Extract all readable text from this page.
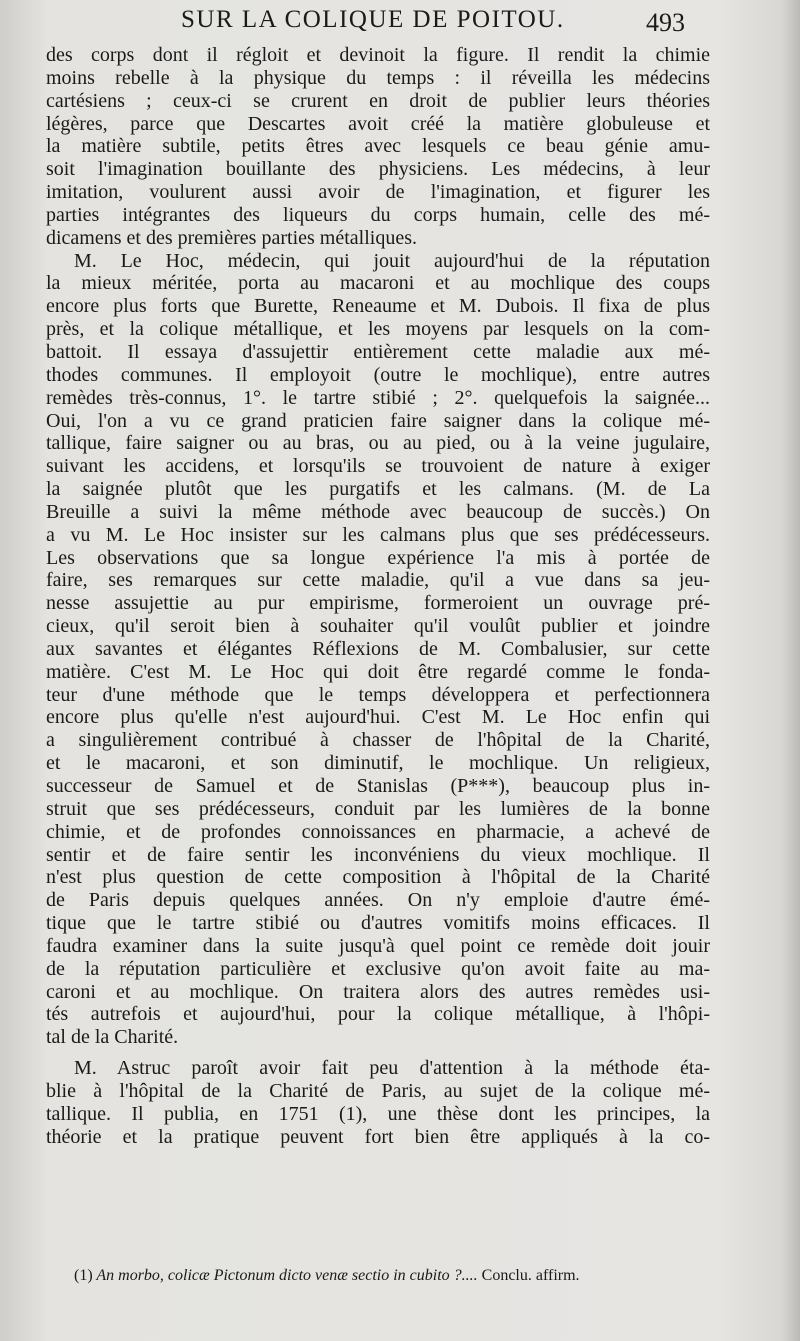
SUR LA COLIQUE DE POITOU.	493
des corps dont il régloit et devinoit la figure. Il rendit la chimie
moins rebelle à la physique du temps : il réveilla les médecins
cartésiens ; ceux-ci se crurent en droit de publier leurs théories
légères, parce que Descartes avoit créé la matière globuleuse et
la matière subtile, petits êtres avec lesquels ce beau génie amu-
soit l'imagination bouillante des physiciens. Les médecins, à leur
imitation, voulurent aussi avoir de l'imagination, et figurer les
parties intégrantes des liqueurs du corps humain, celle des mé-
dicamens et des premières parties métalliques.
M. Le Hoc, médecin, qui jouit aujourd'hui de la réputation
la mieux méritée, porta au macaroni et au mochlique des coups
encore plus forts que Burette, Reneaume et M. Dubois. Il fixa de plus
près, et la colique métallique, et les moyens par lesquels on la com-
battoit. Il essaya d'assujettir entièrement cette maladie aux mé-
thodes communes. Il employoit (outre le mochlique), entre autres
remèdes très-connus, 1°. le tartre stibié ; 2°. quelquefois la saignée...
Oui, l'on a vu ce grand praticien faire saigner dans la colique mé-
tallique, faire saigner ou au bras, ou au pied, ou à la veine jugulaire,
suivant les accidens, et lorsqu'ils se trouvoient de nature à exiger
la saignée plutôt que les purgatifs et les calmans. (M. de La
Breuille a suivi la même méthode avec beaucoup de succès.) On
a vu M. Le Hoc insister sur les calmans plus que ses prédécesseurs.
Les observations que sa longue expérience l'a mis à portée de
faire, ses remarques sur cette maladie, qu'il a vue dans sa jeu-
nesse assujettie au pur empirisme, formeroient un ouvrage pré-
cieux, qu'il seroit bien à souhaiter qu'il voulût publier et joindre
aux savantes et élégantes Réflexions de M. Combalusier, sur cette
matière. C'est M. Le Hoc qui doit être regardé comme le fonda-
teur d'une méthode que le temps développera et perfectionnera
encore plus qu'elle n'est aujourd'hui. C'est M. Le Hoc enfin qui
a singulièrement contribué à chasser de l'hôpital de la Charité,
et le macaroni, et son diminutif, le mochlique. Un religieux,
successeur de Samuel et de Stanislas (P***), beaucoup plus in-
struit que ses prédécesseurs, conduit par les lumières de la bonne
chimie, et de profondes connoissances en pharmacie, a achevé de
sentir et de faire sentir les inconvéniens du vieux mochlique. Il
n'est plus question de cette composition à l'hôpital de la Charité
de Paris depuis quelques années. On n'y emploie d'autre émé-
tique que le tartre stibié ou d'autres vomitifs moins efficaces. Il
faudra examiner dans la suite jusqu'à quel point ce remède doit jouir
de la réputation particulière et exclusive qu'on avoit faite au ma-
caroni et au mochlique. On traitera alors des autres remèdes usi-
tés autrefois et aujourd'hui, pour la colique métallique, à l'hôpi-
tal de la Charité.
M. Astruc paroît avoir fait peu d'attention à la méthode éta-
blie à l'hôpital de la Charité de Paris, au sujet de la colique mé-
tallique. Il publia, en 1751 (1), une thèse dont les principes, la
théorie et la pratique peuvent fort bien être appliqués à la co-
(1) An morbo, colicæ Pictonum dicto venæ sectio in cubito ?.... Conclu. affirm.
